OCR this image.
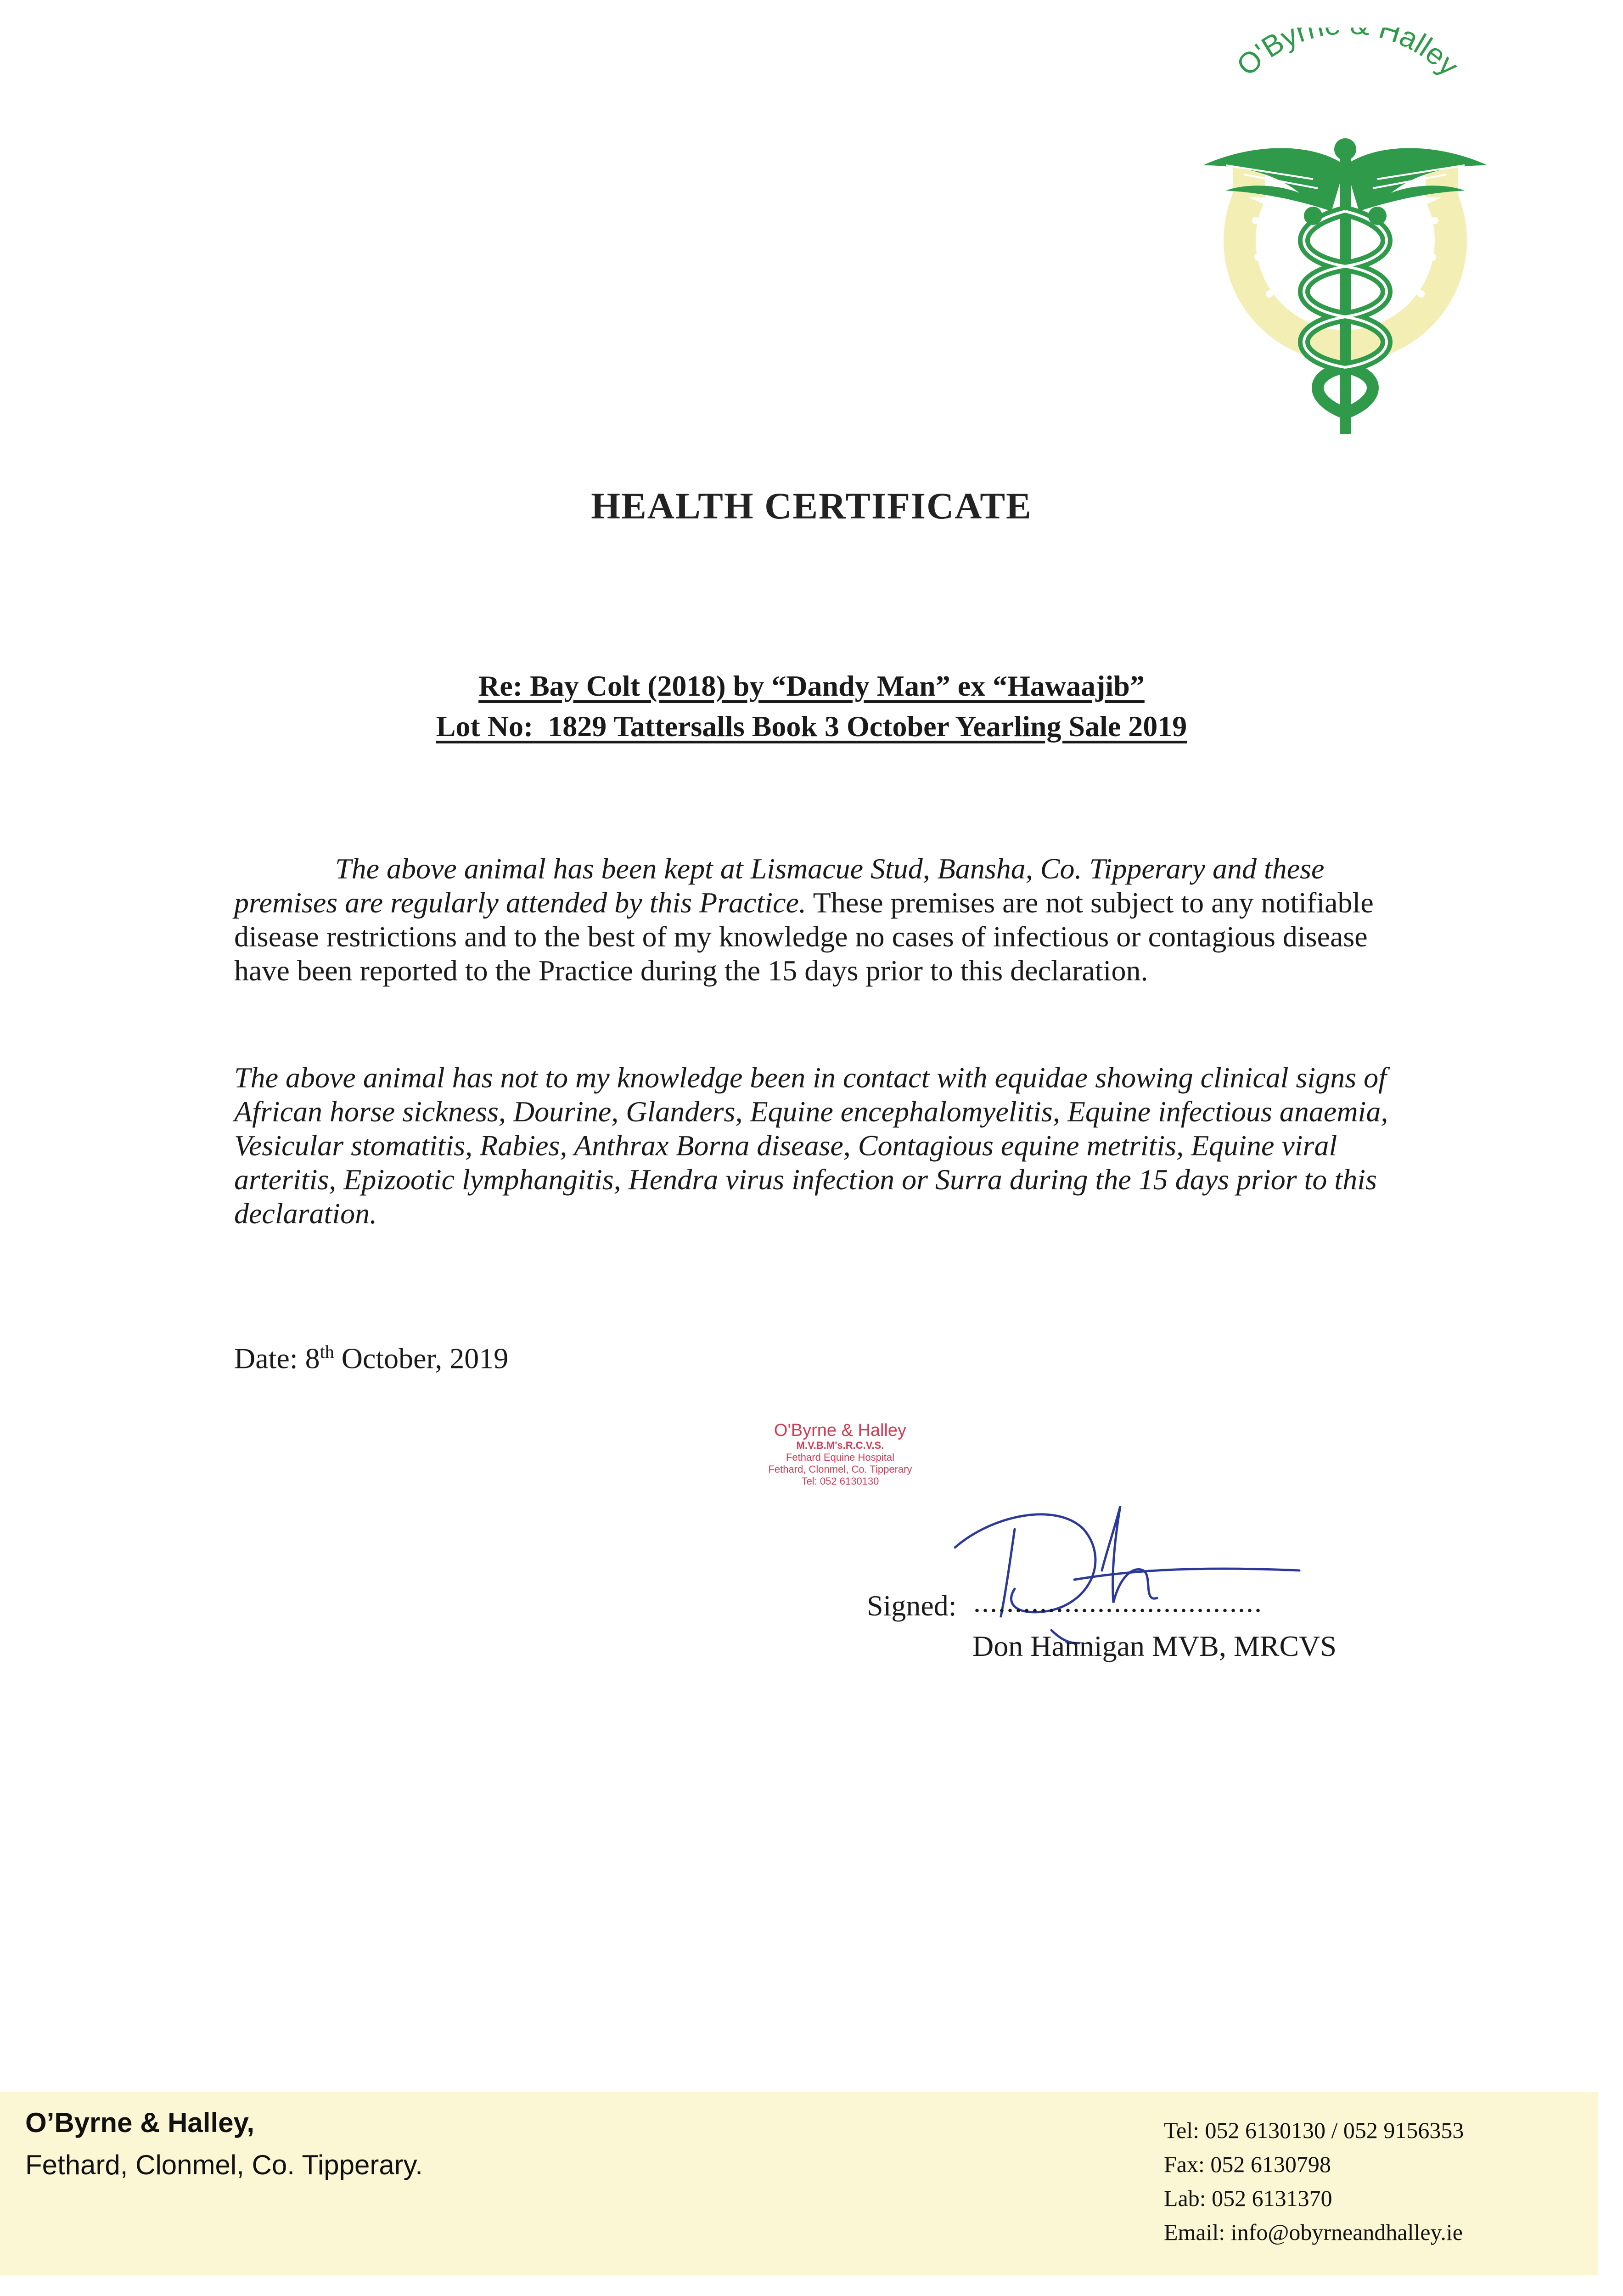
O'Byr Halley
HEALTH CERTIFICATE
Re: Bay Colt (2018) by “Dandy Man” ex “Hawaajib”
Lot No:  1829 Tattersalls Book 3 October Yearling Sale 2019
The above animal has been kept at Lismacue Stud, Bansha, Co. Tipperary and these premises are regularly attended by this Practice. These premises are not subject to any notifiable disease restrictions and to the best of my knowledge no cases of infectious or contagious disease have been reported to the Practice during the 15 days prior to this declaration.
The above animal has not to my knowledge been in contact with equidae showing clinical signs of African horse sickness, Dourine, Glanders, Equine encephalomyelitis, Equine infectious anaemia, Vesicular stomatitis, Rabies, Anthrax Borna disease, Contagious equine metritis, Equine viral arteritis, Epizootic lymphangitis, Hendra virus infection or Surra during the 15 days prior to this declaration.
Date: 8th October, 2019
O'Byrne & Halley
M.V.B.M's.R.C.V.S.
Fethard Equine Hospital
Fethard, Clonmel, Co. Tipperary
Tel: 052 6130130
Signed: ...................................
Don Hannigan MVB, MRCVS
O’Byrne & Halley,
Fethard, Clonmel, Co. Tipperary.
Tel: 052 6130130 / 052 9156353
Fax: 052 6130798
Lab: 052 6131370
Email: info@obyrneandhalley.ie
